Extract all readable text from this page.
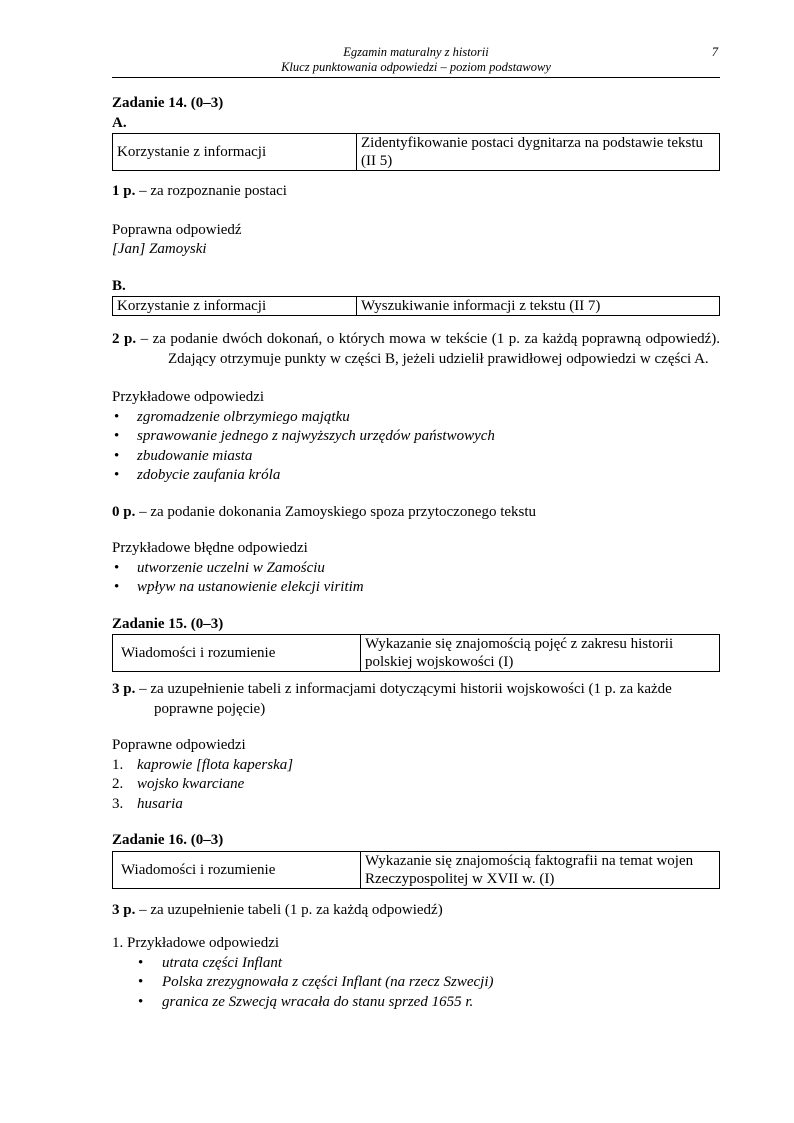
Egzamin maturalny z historii
Klucz punktowania odpowiedzi – poziom podstawowy
7

Zadanie 14. (0–3)

A.

Korzystanie z informacji	Zidentyfikowanie postaci dygnitarza na podstawie tekstu (II 5)

1 p. – za rozpoznanie postaci

Poprawna odpowiedź

[Jan] Zamoyski

B.

Korzystanie z informacji	Wyszukiwanie informacji z tekstu (II 7)

2 p. – za podanie dwóch dokonań, o których mowa w tekście (1 p. za każdą poprawną odpowiedź). Zdający otrzymuje punkty w części B, jeżeli udzielił prawidłowej odpowiedzi w części A.

Przykładowe odpowiedzi

• zgromadzenie olbrzymiego majątku
• sprawowanie jednego z najwyższych urzędów państwowych
• zbudowanie miasta
• zdobycie zaufania króla

0 p. – za podanie dokonania Zamoyskiego spoza przytoczonego tekstu

Przykładowe błędne odpowiedzi

• utworzenie uczelni w Zamościu
• wpływ na ustanowienie elekcji viritim

Zadanie 15. (0–3)

Wiadomości i rozumienie	Wykazanie się znajomością pojęć z zakresu historii polskiej wojskowości (I)

3 p. – za uzupełnienie tabeli z informacjami dotyczącymi historii wojskowości (1 p. za każde poprawne pojęcie)

Poprawne odpowiedzi

1. kaprowie [flota kaperska]
2. wojsko kwarciane
3. husaria

Zadanie 16. (0–3)

Wiadomości i rozumienie	Wykazanie się znajomością faktografii na temat wojen Rzeczypospolitej w XVII w. (I)

3 p. – za uzupełnienie tabeli (1 p. za każdą odpowiedź)

1. Przykładowe odpowiedzi

• utrata części Inflant
• Polska zrezygnowała z części Inflant (na rzecz Szwecji)
• granica ze Szwecją wracała do stanu sprzed 1655 r.
